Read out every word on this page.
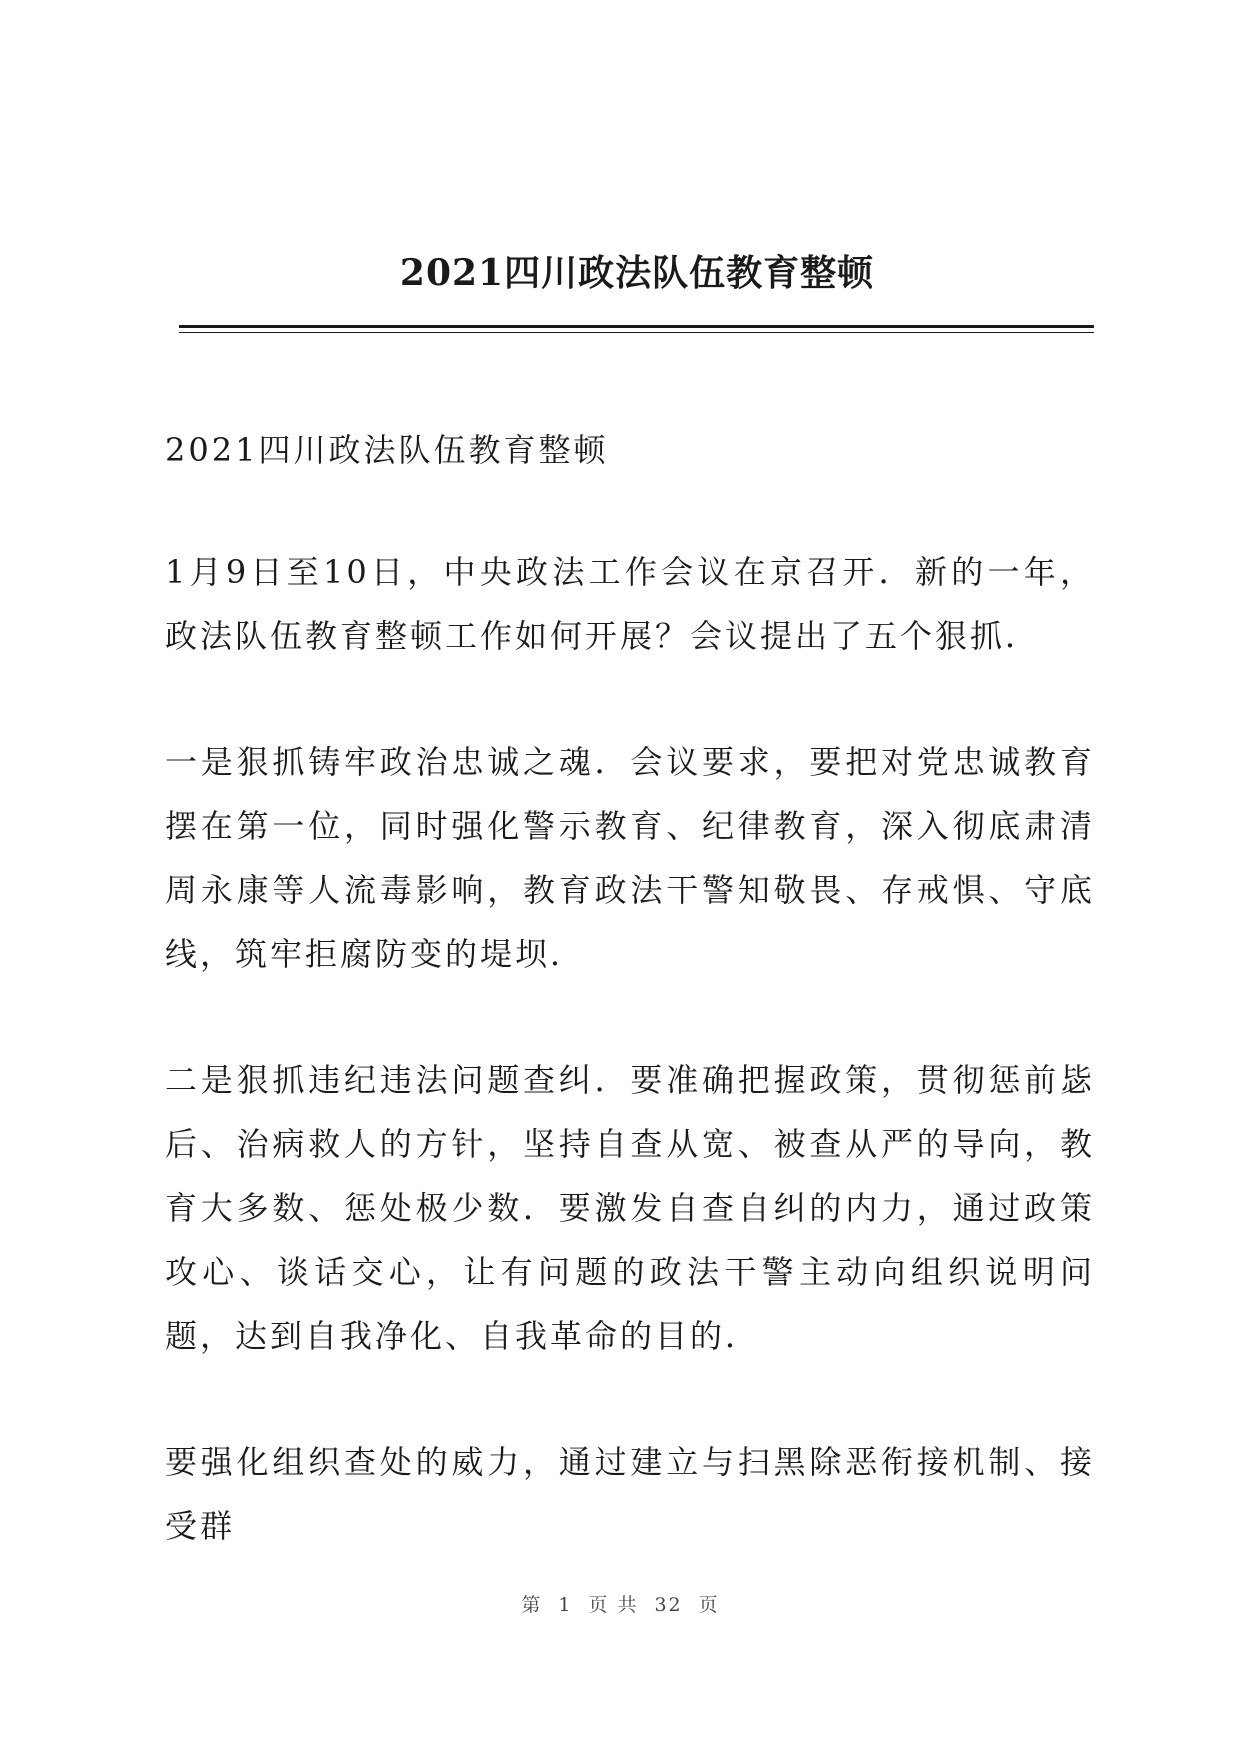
2021四川政法队伍教育整顿

2021四川政法队伍教育整顿

1月9日至10日，中央政法工作会议在京召开．新的一年，政法队伍教育整顿工作如何开展？会议提出了五个狠抓．

一是狠抓铸牢政治忠诚之魂．会议要求，要把对党忠诚教育摆在第一位，同时强化警示教育、纪律教育，深入彻底肃清周永康等人流毒影响，教育政法干警知敬畏、存戒惧、守底线，筑牢拒腐防变的堤坝．

二是狠抓违纪违法问题查纠．要准确把握政策，贯彻惩前毖后、治病救人的方针，坚持自查从宽、被查从严的导向，教育大多数、惩处极少数．要激发自查自纠的内力，通过政策攻心、谈话交心，让有问题的政法干警主动向组织说明问题，达到自我净化、自我革命的目的．

要强化组织查处的威力，通过建立与扫黑除恶衔接机制、接受群

第 1 页 共 32 页
